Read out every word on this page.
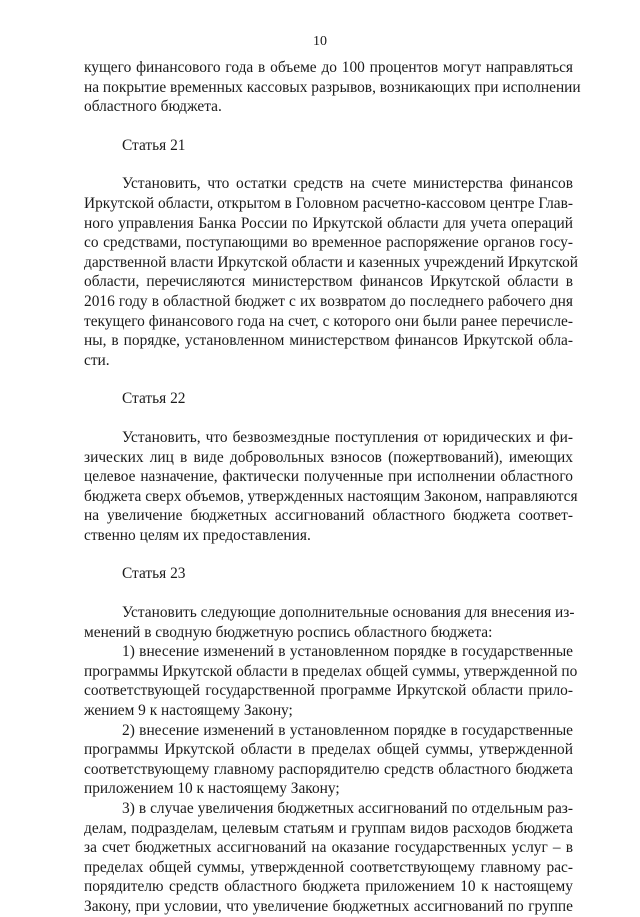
10
кущего финансового года в объеме до 100 процентов могут направляться
на покрытие временных кассовых разрывов, возникающих при исполнении
областного бюджета.
Статья 21
Установить, что остатки средств на счете министерства финансов
Иркутской области, открытом в Головном расчетно-кассовом центре Глав-
ного управления Банка России по Иркутской области для учета операций
со средствами, поступающими во временное распоряжение органов госу-
дарственной власти Иркутской области и казенных учреждений Иркутской
области, перечисляются министерством финансов Иркутской области в
2016 году в областной бюджет с их возвратом до последнего рабочего дня
текущего финансового года на счет, с которого они были ранее перечисле-
ны, в порядке, установленном министерством финансов Иркутской обла-
сти.
Статья 22
Установить, что безвозмездные поступления от юридических и фи-
зических лиц в виде добровольных взносов (пожертвований), имеющих
целевое назначение, фактически полученные при исполнении областного
бюджета сверх объемов, утвержденных настоящим Законом, направляются
на увеличение бюджетных ассигнований областного бюджета соответ-
ственно целям их предоставления.
Статья 23
Установить следующие дополнительные основания для внесения из-
менений в сводную бюджетную роспись областного бюджета:
1) внесение изменений в установленном порядке в государственные
программы Иркутской области в пределах общей суммы, утвержденной по
соответствующей государственной программе Иркутской области прило-
жением 9 к настоящему Закону;
2) внесение изменений в установленном порядке в государственные
программы Иркутской области в пределах общей суммы, утвержденной
соответствующему главному распорядителю средств областного бюджета
приложением 10 к настоящему Закону;
3) в случае увеличения бюджетных ассигнований по отдельным раз-
делам, подразделам, целевым статьям и группам видов расходов бюджета
за счет бюджетных ассигнований на оказание государственных услуг – в
пределах общей суммы, утвержденной соответствующему главному рас-
порядителю средств областного бюджета приложением 10 к настоящему
Закону, при условии, что увеличение бюджетных ассигнований по группе
